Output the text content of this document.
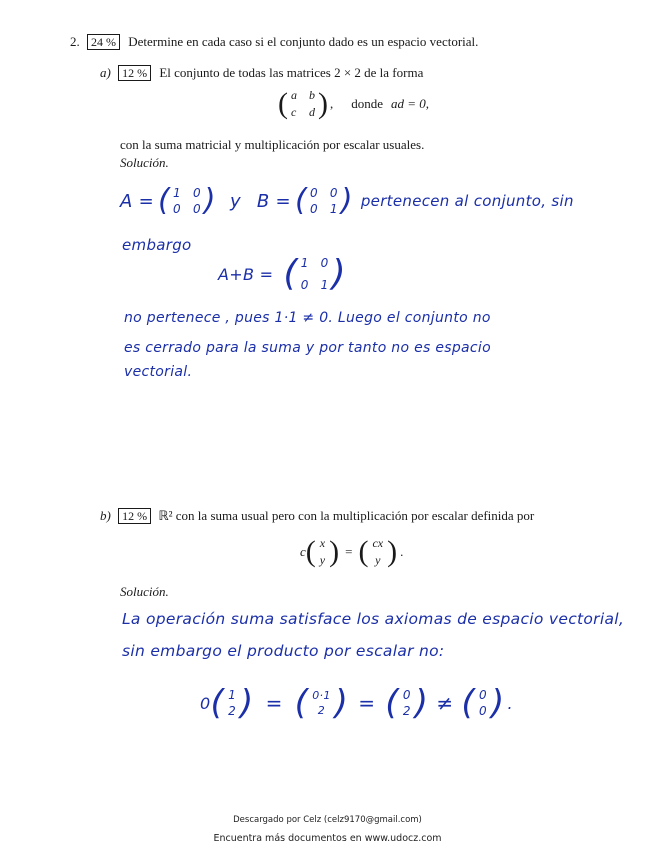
2. 24 % Determine en cada caso si el conjunto dado es un espacio vectorial.
a) 12 % El conjunto de todas las matrices 2 × 2 de la forma
( a b
c d ) , donde ad = 0,
con la suma matricial y multiplicación por escalar usuales.
Solución.
A = ( 1 0
0 0 ) y B = ( 0 0
0 1 ) pertenecen al conjunto, sin
embargo
A+B = ( 1 0
0 1 )
no pertenece , pues 1·1 ≠ 0. Luego el conjunto no
es cerrado para la suma y por tanto no es espacio
vectorial.
b) 12 % ℝ² con la suma usual pero con la multiplicación por escalar definida por
c ( x
y ) = ( cx
y ) .
Solución.
La operación suma satisface los axiomas de espacio vectorial,
sin embargo el producto por escalar no:
0 ( 1
2 ) = ( 0·1
2 ) = ( 0
2 ) ≠ ( 0
0 ) .
Descargado por Celz (celz9170@gmail.com)
Encuentra más documentos en www.udocz.com
